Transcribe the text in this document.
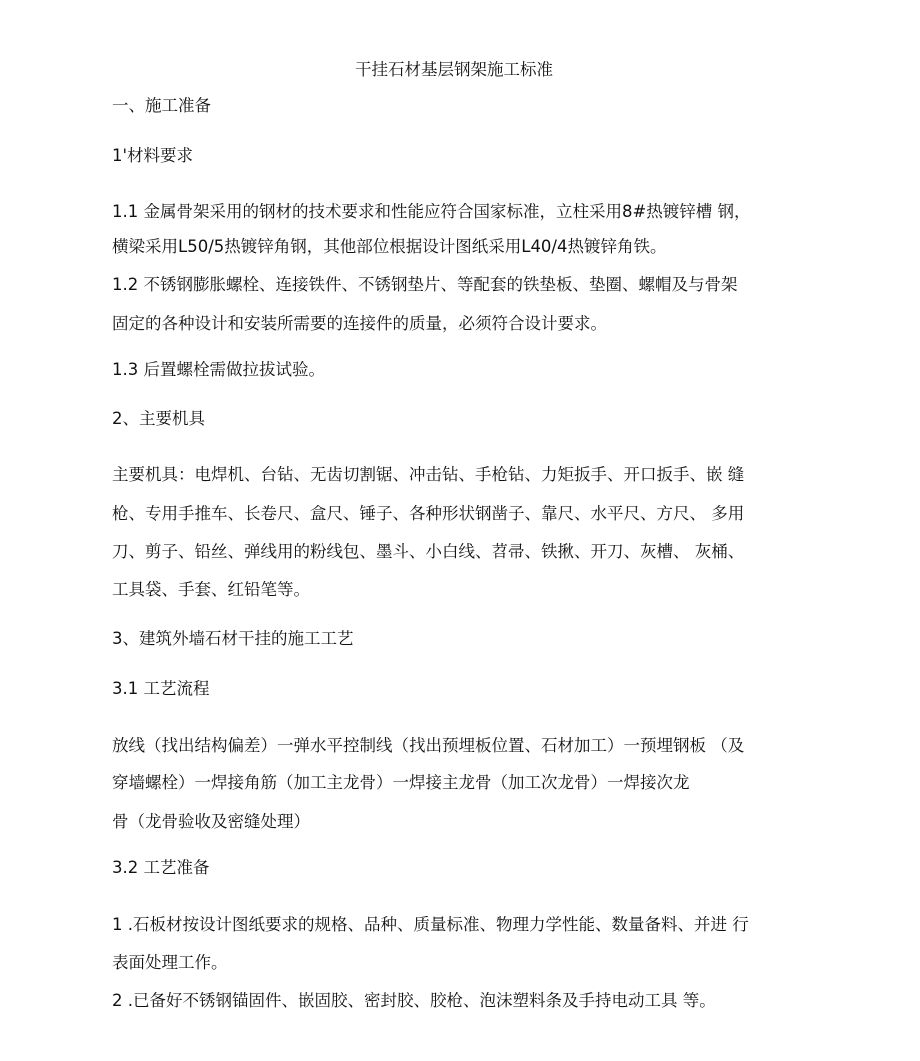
干挂石材基层钢架施工标准
一、施工准备
1'材料要求
1.1 金属骨架采用的钢材的技术要求和性能应符合国家标准，立柱采用8#热镀锌槽 钢，
横梁采用L50/5热镀锌角钢，其他部位根据设计图纸采用L40/4热镀锌角铁。
1.2 不锈钢膨胀螺栓、连接铁件、不锈钢垫片、等配套的铁垫板、垫圈、螺帽及与骨架
固定的各种设计和安装所需要的连接件的质量，必须符合设计要求。
1.3 后置螺栓需做拉拔试验。
2、主要机具
主要机具：电焊机、台钻、无齿切割锯、冲击钻、手枪钻、力矩扳手、开口扳手、嵌 缝
枪、专用手推车、长卷尺、盒尺、锤子、各种形状钢凿子、靠尺、水平尺、方尺、 多用
刀、剪子、铅丝、弹线用的粉线包、墨斗、小白线、苕帚、铁揪、开刀、灰槽、 灰桶、
工具袋、手套、红铅笔等。
3、建筑外墙石材干挂的施工工艺
3.1 工艺流程
放线（找出结构偏差）一弹水平控制线（找出预埋板位置、石材加工）一预埋钢板 （及
穿墙螺栓）一焊接角筋（加工主龙骨）一焊接主龙骨（加工次龙骨）一焊接次龙
骨（龙骨验收及密缝处理）
3.2 工艺准备
1 .石板材按设计图纸要求的规格、品种、质量标准、物理力学性能、数量备料、并进 行
表面处理工作。
2 .已备好不锈钢锚固件、嵌固胶、密封胶、胶枪、泡沫塑料条及手持电动工具 等。
